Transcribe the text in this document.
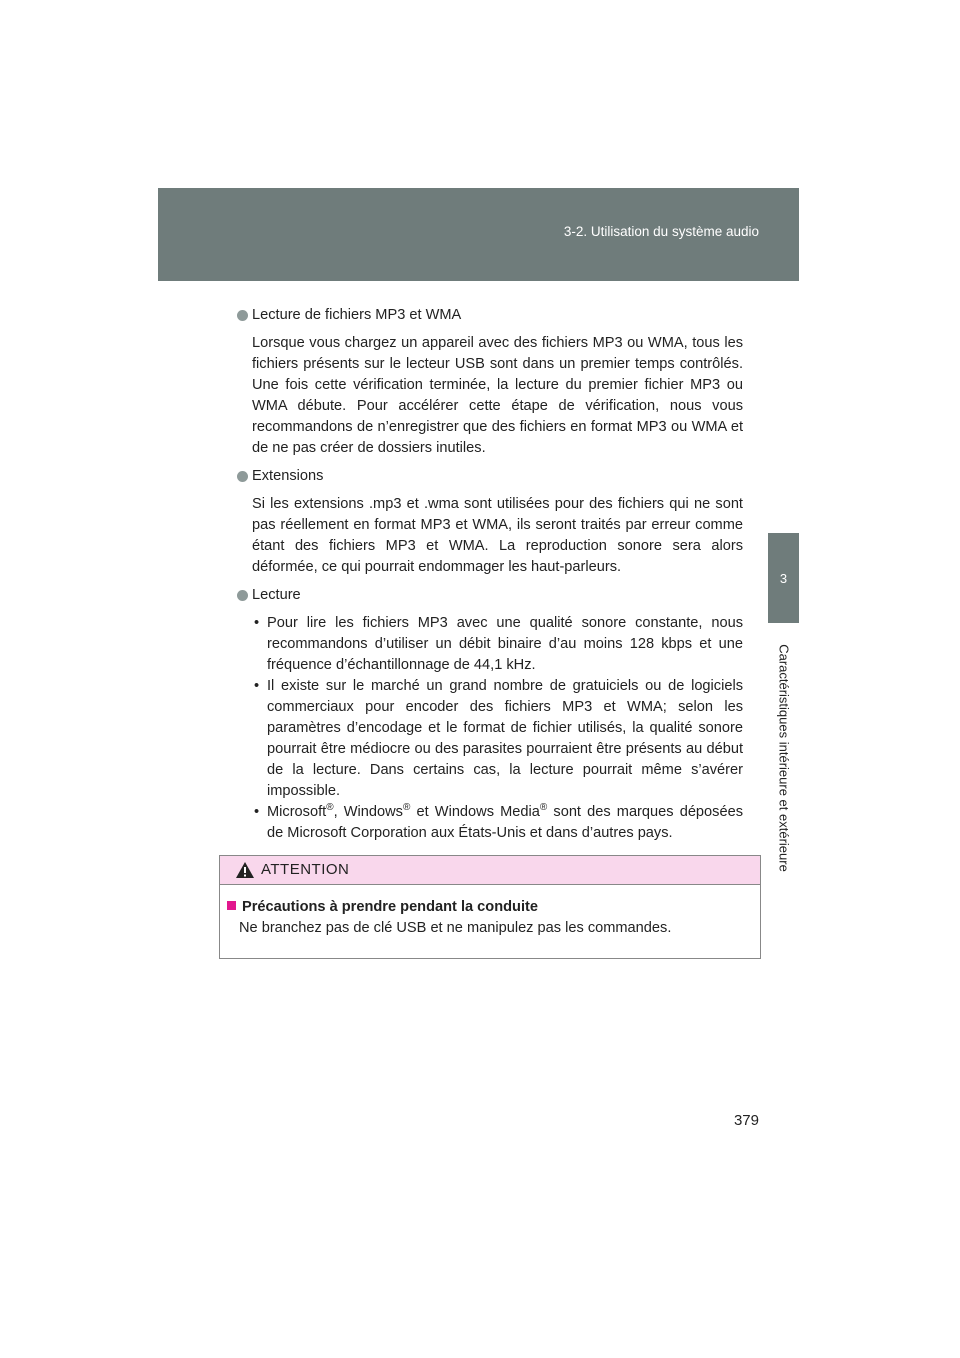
3-2. Utilisation du système audio
3
Caractéristiques intérieure et extérieure
Lecture de fichiers MP3 et WMA
Lorsque vous chargez un appareil avec des fichiers MP3 ou WMA, tous les fichiers présents sur le lecteur USB sont dans un premier temps contrôlés. Une fois cette vérification terminée, la lecture du premier fichier MP3 ou WMA débute. Pour accélérer cette étape de vérification, nous vous recommandons de n’enregistrer que des fichiers en format MP3 ou WMA et de ne pas créer de dossiers inutiles.
Extensions
Si les extensions .mp3 et .wma sont utilisées pour des fichiers qui ne sont pas réellement en format MP3 et WMA, ils seront traités par erreur comme étant des fichiers MP3 et WMA. La reproduction sonore sera alors déformée, ce qui pourrait endommager les haut-parleurs.
Lecture
• Pour lire les fichiers MP3 avec une qualité sonore constante, nous recommandons d’utiliser un débit binaire d’au moins 128 kbps et une fréquence d’échantillonnage de 44,1 kHz.
• Il existe sur le marché un grand nombre de gratuiciels ou de logiciels commerciaux pour encoder des fichiers MP3 et WMA; selon les paramètres d’encodage et le format de fichier utilisés, la qualité sonore pourrait être médiocre ou des parasites pourraient être présents au début de la lecture. Dans certains cas, la lecture pourrait même s’avérer impossible.
• Microsoft®, Windows® et Windows Media® sont des marques déposées de Microsoft Corporation aux États-Unis et dans d’autres pays.
ATTENTION
Précautions à prendre pendant la conduite
Ne branchez pas de clé USB et ne manipulez pas les commandes.
379
